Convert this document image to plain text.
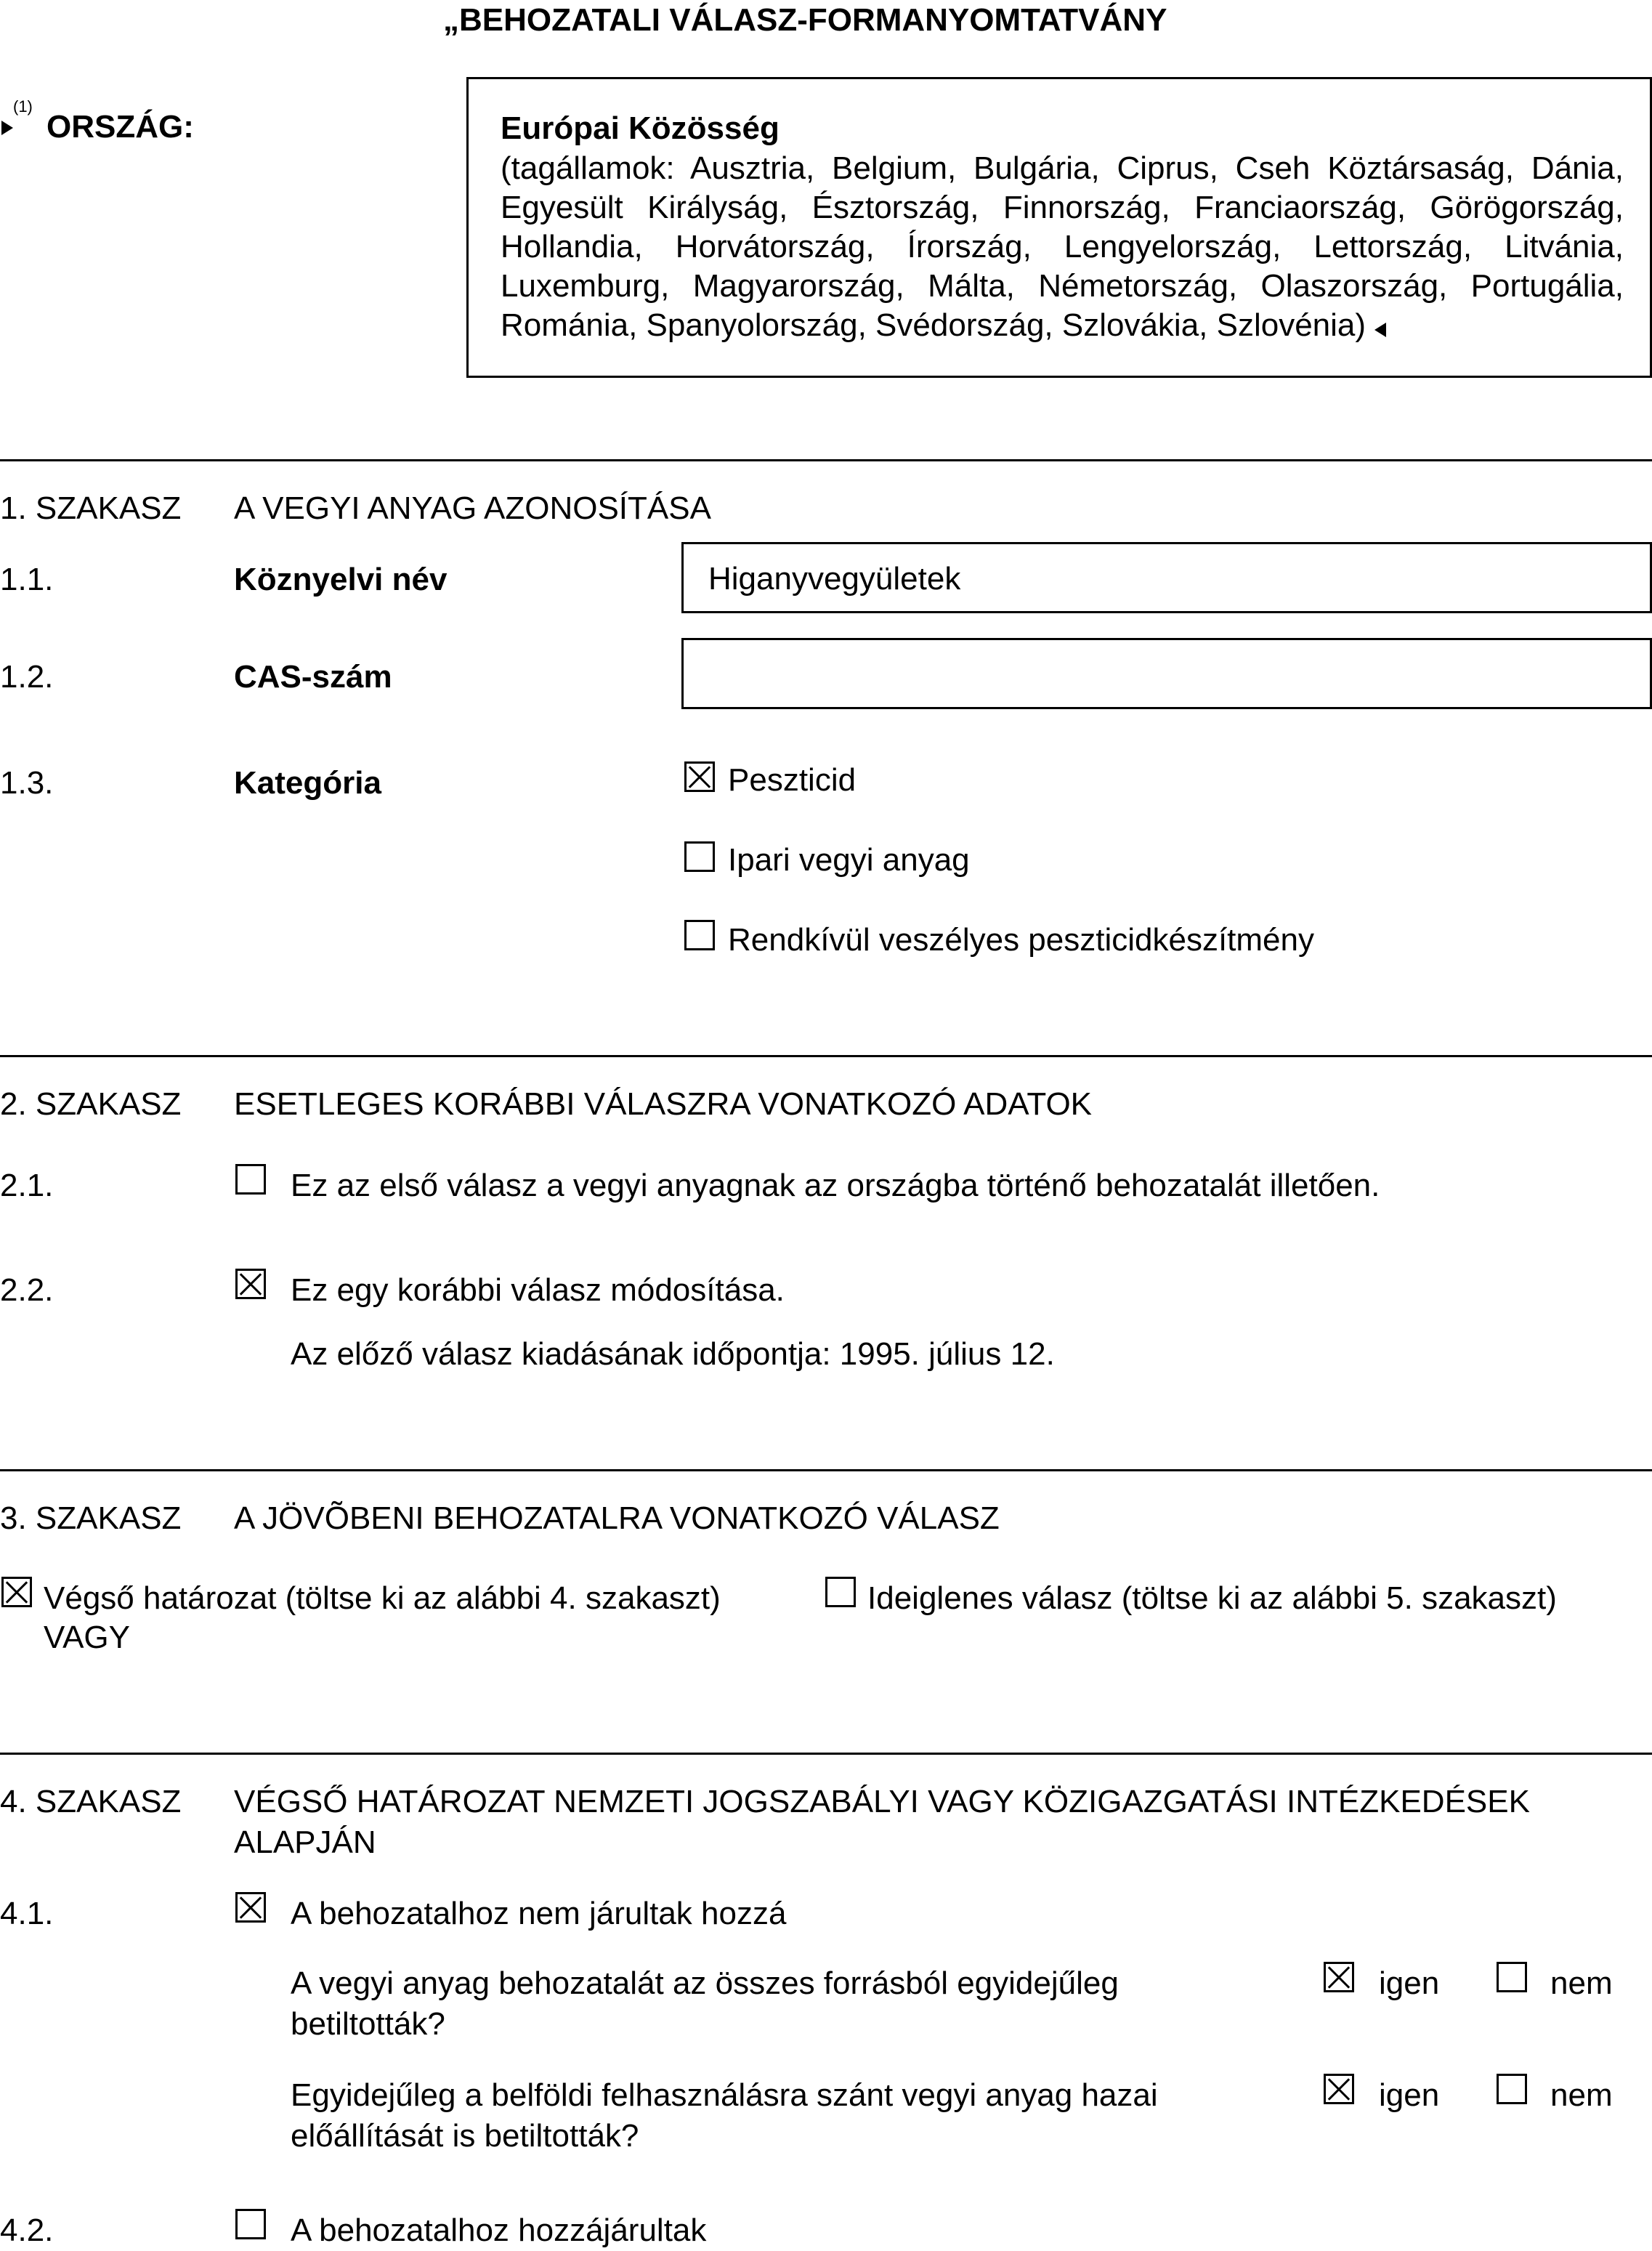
„BEHOZATALI VÁLASZ-FORMANYOMTATVÁNY
(1)
ORSZÁG:	Európai Közösség
(tagállamok: Ausztria, Belgium, Bulgária, Ciprus, Cseh Köztársaság, Dánia, Egyesült Királyság, Észtország, Finnország, Franciaország, Görögország, Hollandia, Horvátország, Írország, Lengyelország, Lettország, Litvánia, Luxemburg, Magyarország, Málta, Németország, Olaszország, Portugália, Románia, Spanyolország, Svédország, Szlovákia, Szlovénia)
1. SZAKASZ A VEGYI ANYAG AZONOSÍTÁSA
1.1.	Köznyelvi név	Higanyvegyületek
1.2.	CAS-szám
1.3.	Kategória	Peszticid
Ipari vegyi anyag
Rendkívül veszélyes peszticidkészítmény
2. SZAKASZ ESETLEGES KORÁBBI VÁLASZRA VONATKOZÓ ADATOK
2.1.	Ez az első válasz a vegyi anyagnak az országba történő behozatalát illetően.
2.2.	Ez egy korábbi válasz módosítása.
Az előző válasz kiadásának időpontja: 1995. július 12.
3. SZAKASZ A JÖVÕBENI BEHOZATALRA VONATKOZÓ VÁLASZ
Végső határozat (töltse ki az alábbi 4. szakaszt)
VAGY
Ideiglenes válasz (töltse ki az alábbi 5. szakaszt)
4. SZAKASZ VÉGSŐ HATÁROZAT NEMZETI JOGSZABÁLYI VAGY KÖZIGAZGATÁSI INTÉZKEDÉSEK
ALAPJÁN
4.1.	A behozatalhoz nem járultak hozzá
A vegyi anyag behozatalát az összes forrásból egyidejűleg
betiltották?
igen	nem
Egyidejűleg a belföldi felhasználásra szánt vegyi anyag hazai
előállítását is betiltották?
igen	nem
4.2.	A behozatalhoz hozzájárultak
